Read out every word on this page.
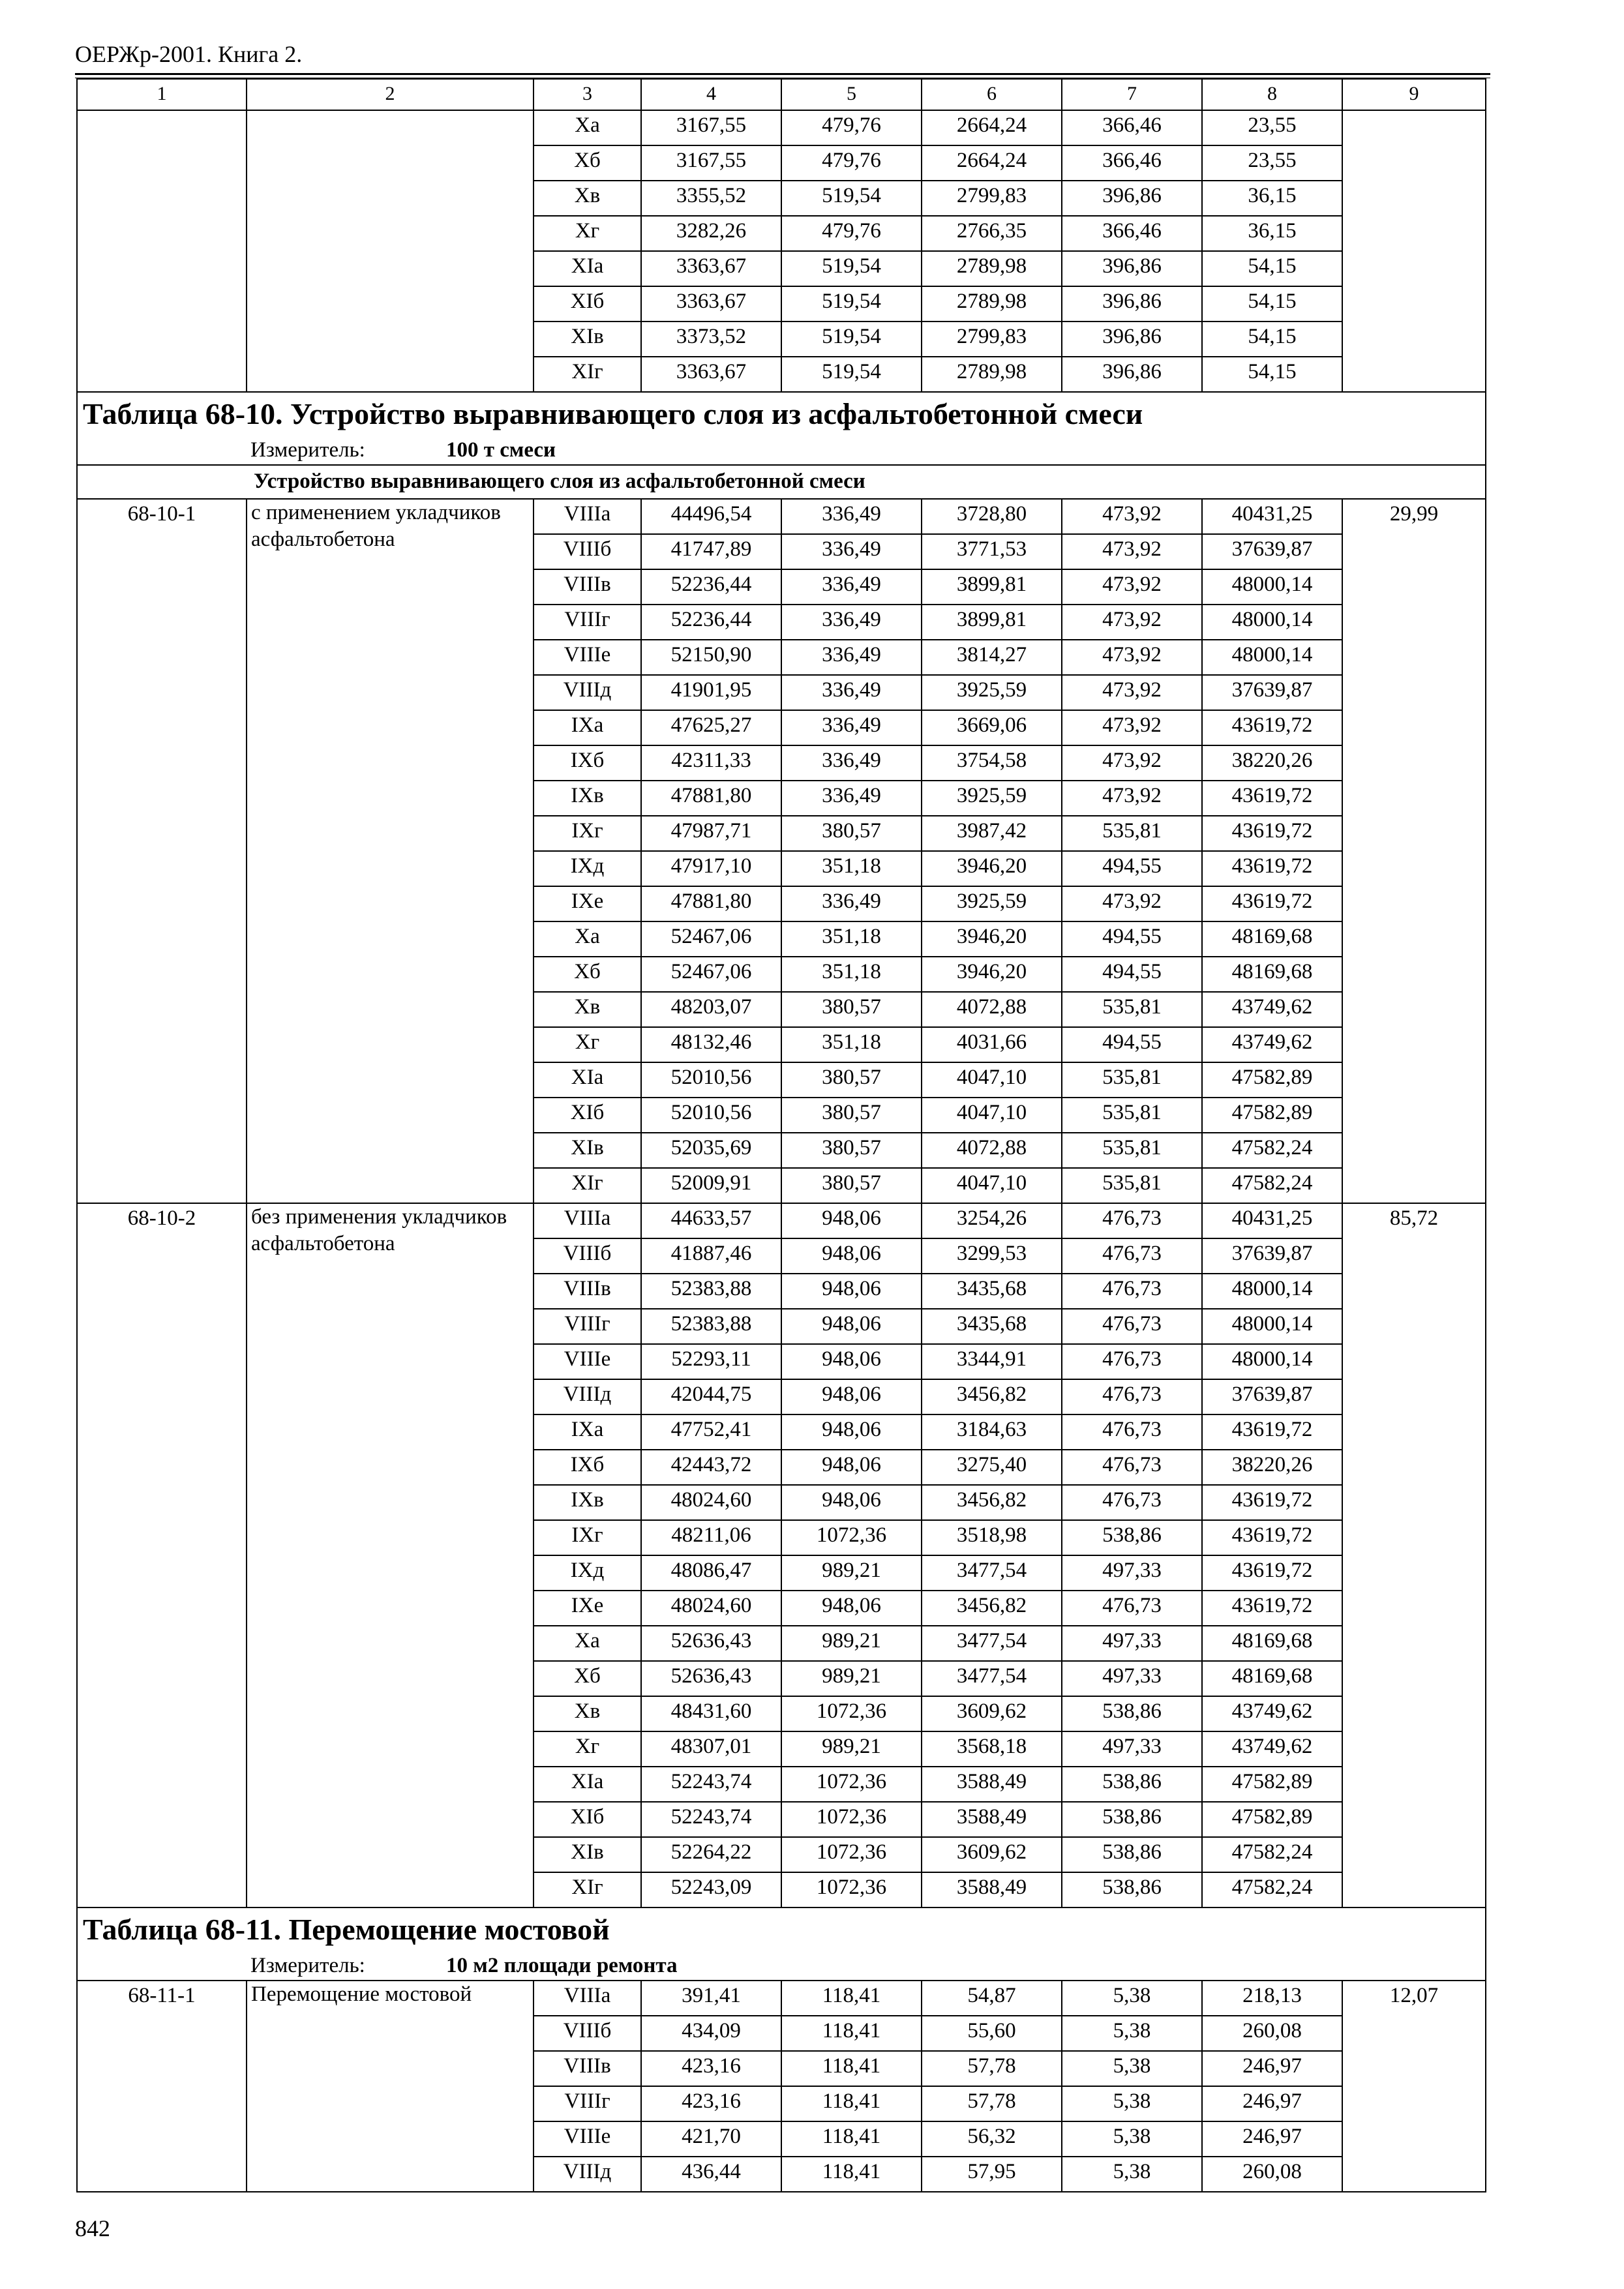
ОЕРЖр-2001. Книга 2.
1	2	3	4	5	6	7	8	9
		Xa	3167,55	479,76	2664,24	366,46	23,55	
		Xб	3167,55	479,76	2664,24	366,46	23,55	
		Xв	3355,52	519,54	2799,83	396,86	36,15	
		Xг	3282,26	479,76	2766,35	366,46	36,15	
		XIa	3363,67	519,54	2789,98	396,86	54,15	
		XIб	3363,67	519,54	2789,98	396,86	54,15	
		XIв	3373,52	519,54	2799,83	396,86	54,15	
		XIг	3363,67	519,54	2789,98	396,86	54,15	
Таблица 68-10. Устройство выравнивающего слоя из асфальтобетонной смеси								
Измеритель: 100 т смеси								
Устройство выравнивающего слоя из асфальтобетонной смеси								
68-10-1	с применением укладчиков асфальтобетона	VIIIa	44496,54	336,49	3728,80	473,92	40431,25	29,99
		VIIIб	41747,89	336,49	3771,53	473,92	37639,87	
		VIIIв	52236,44	336,49	3899,81	473,92	48000,14	
		VIIIг	52236,44	336,49	3899,81	473,92	48000,14	
		VIIIe	52150,90	336,49	3814,27	473,92	48000,14	
		VIIIд	41901,95	336,49	3925,59	473,92	37639,87	
		IXa	47625,27	336,49	3669,06	473,92	43619,72	
		IXб	42311,33	336,49	3754,58	473,92	38220,26	
		IXв	47881,80	336,49	3925,59	473,92	43619,72	
		IXг	47987,71	380,57	3987,42	535,81	43619,72	
		IXд	47917,10	351,18	3946,20	494,55	43619,72	
		IXe	47881,80	336,49	3925,59	473,92	43619,72	
		Xa	52467,06	351,18	3946,20	494,55	48169,68	
		Xб	52467,06	351,18	3946,20	494,55	48169,68	
		Xв	48203,07	380,57	4072,88	535,81	43749,62	
		Xг	48132,46	351,18	4031,66	494,55	43749,62	
		XIa	52010,56	380,57	4047,10	535,81	47582,89	
		XIб	52010,56	380,57	4047,10	535,81	47582,89	
		XIв	52035,69	380,57	4072,88	535,81	47582,24	
		XIг	52009,91	380,57	4047,10	535,81	47582,24	
68-10-2	без применения укладчиков асфальтобетона	VIIIa	44633,57	948,06	3254,26	476,73	40431,25	85,72
		VIIIб	41887,46	948,06	3299,53	476,73	37639,87	
		VIIIв	52383,88	948,06	3435,68	476,73	48000,14	
		VIIIг	52383,88	948,06	3435,68	476,73	48000,14	
		VIIIe	52293,11	948,06	3344,91	476,73	48000,14	
		VIIIд	42044,75	948,06	3456,82	476,73	37639,87	
		IXa	47752,41	948,06	3184,63	476,73	43619,72	
		IXб	42443,72	948,06	3275,40	476,73	38220,26	
		IXв	48024,60	948,06	3456,82	476,73	43619,72	
		IXг	48211,06	1072,36	3518,98	538,86	43619,72	
		IXд	48086,47	989,21	3477,54	497,33	43619,72	
		IXe	48024,60	948,06	3456,82	476,73	43619,72	
		Xa	52636,43	989,21	3477,54	497,33	48169,68	
		Xб	52636,43	989,21	3477,54	497,33	48169,68	
		Xв	48431,60	1072,36	3609,62	538,86	43749,62	
		Xг	48307,01	989,21	3568,18	497,33	43749,62	
		XIa	52243,74	1072,36	3588,49	538,86	47582,89	
		XIб	52243,74	1072,36	3588,49	538,86	47582,89	
		XIв	52264,22	1072,36	3609,62	538,86	47582,24	
		XIг	52243,09	1072,36	3588,49	538,86	47582,24	
Таблица 68-11. Перемощение мостовой								
Измеритель: 10 м2 площади ремонта								
68-11-1	Перемощение мостовой	VIIIa	391,41	118,41	54,87	5,38	218,13	12,07
		VIIIб	434,09	118,41	55,60	5,38	260,08	
		VIIIв	423,16	118,41	57,78	5,38	246,97	
		VIIIг	423,16	118,41	57,78	5,38	246,97	
		VIIIe	421,70	118,41	56,32	5,38	246,97	
		VIIIд	436,44	118,41	57,95	5,38	260,08	
842
